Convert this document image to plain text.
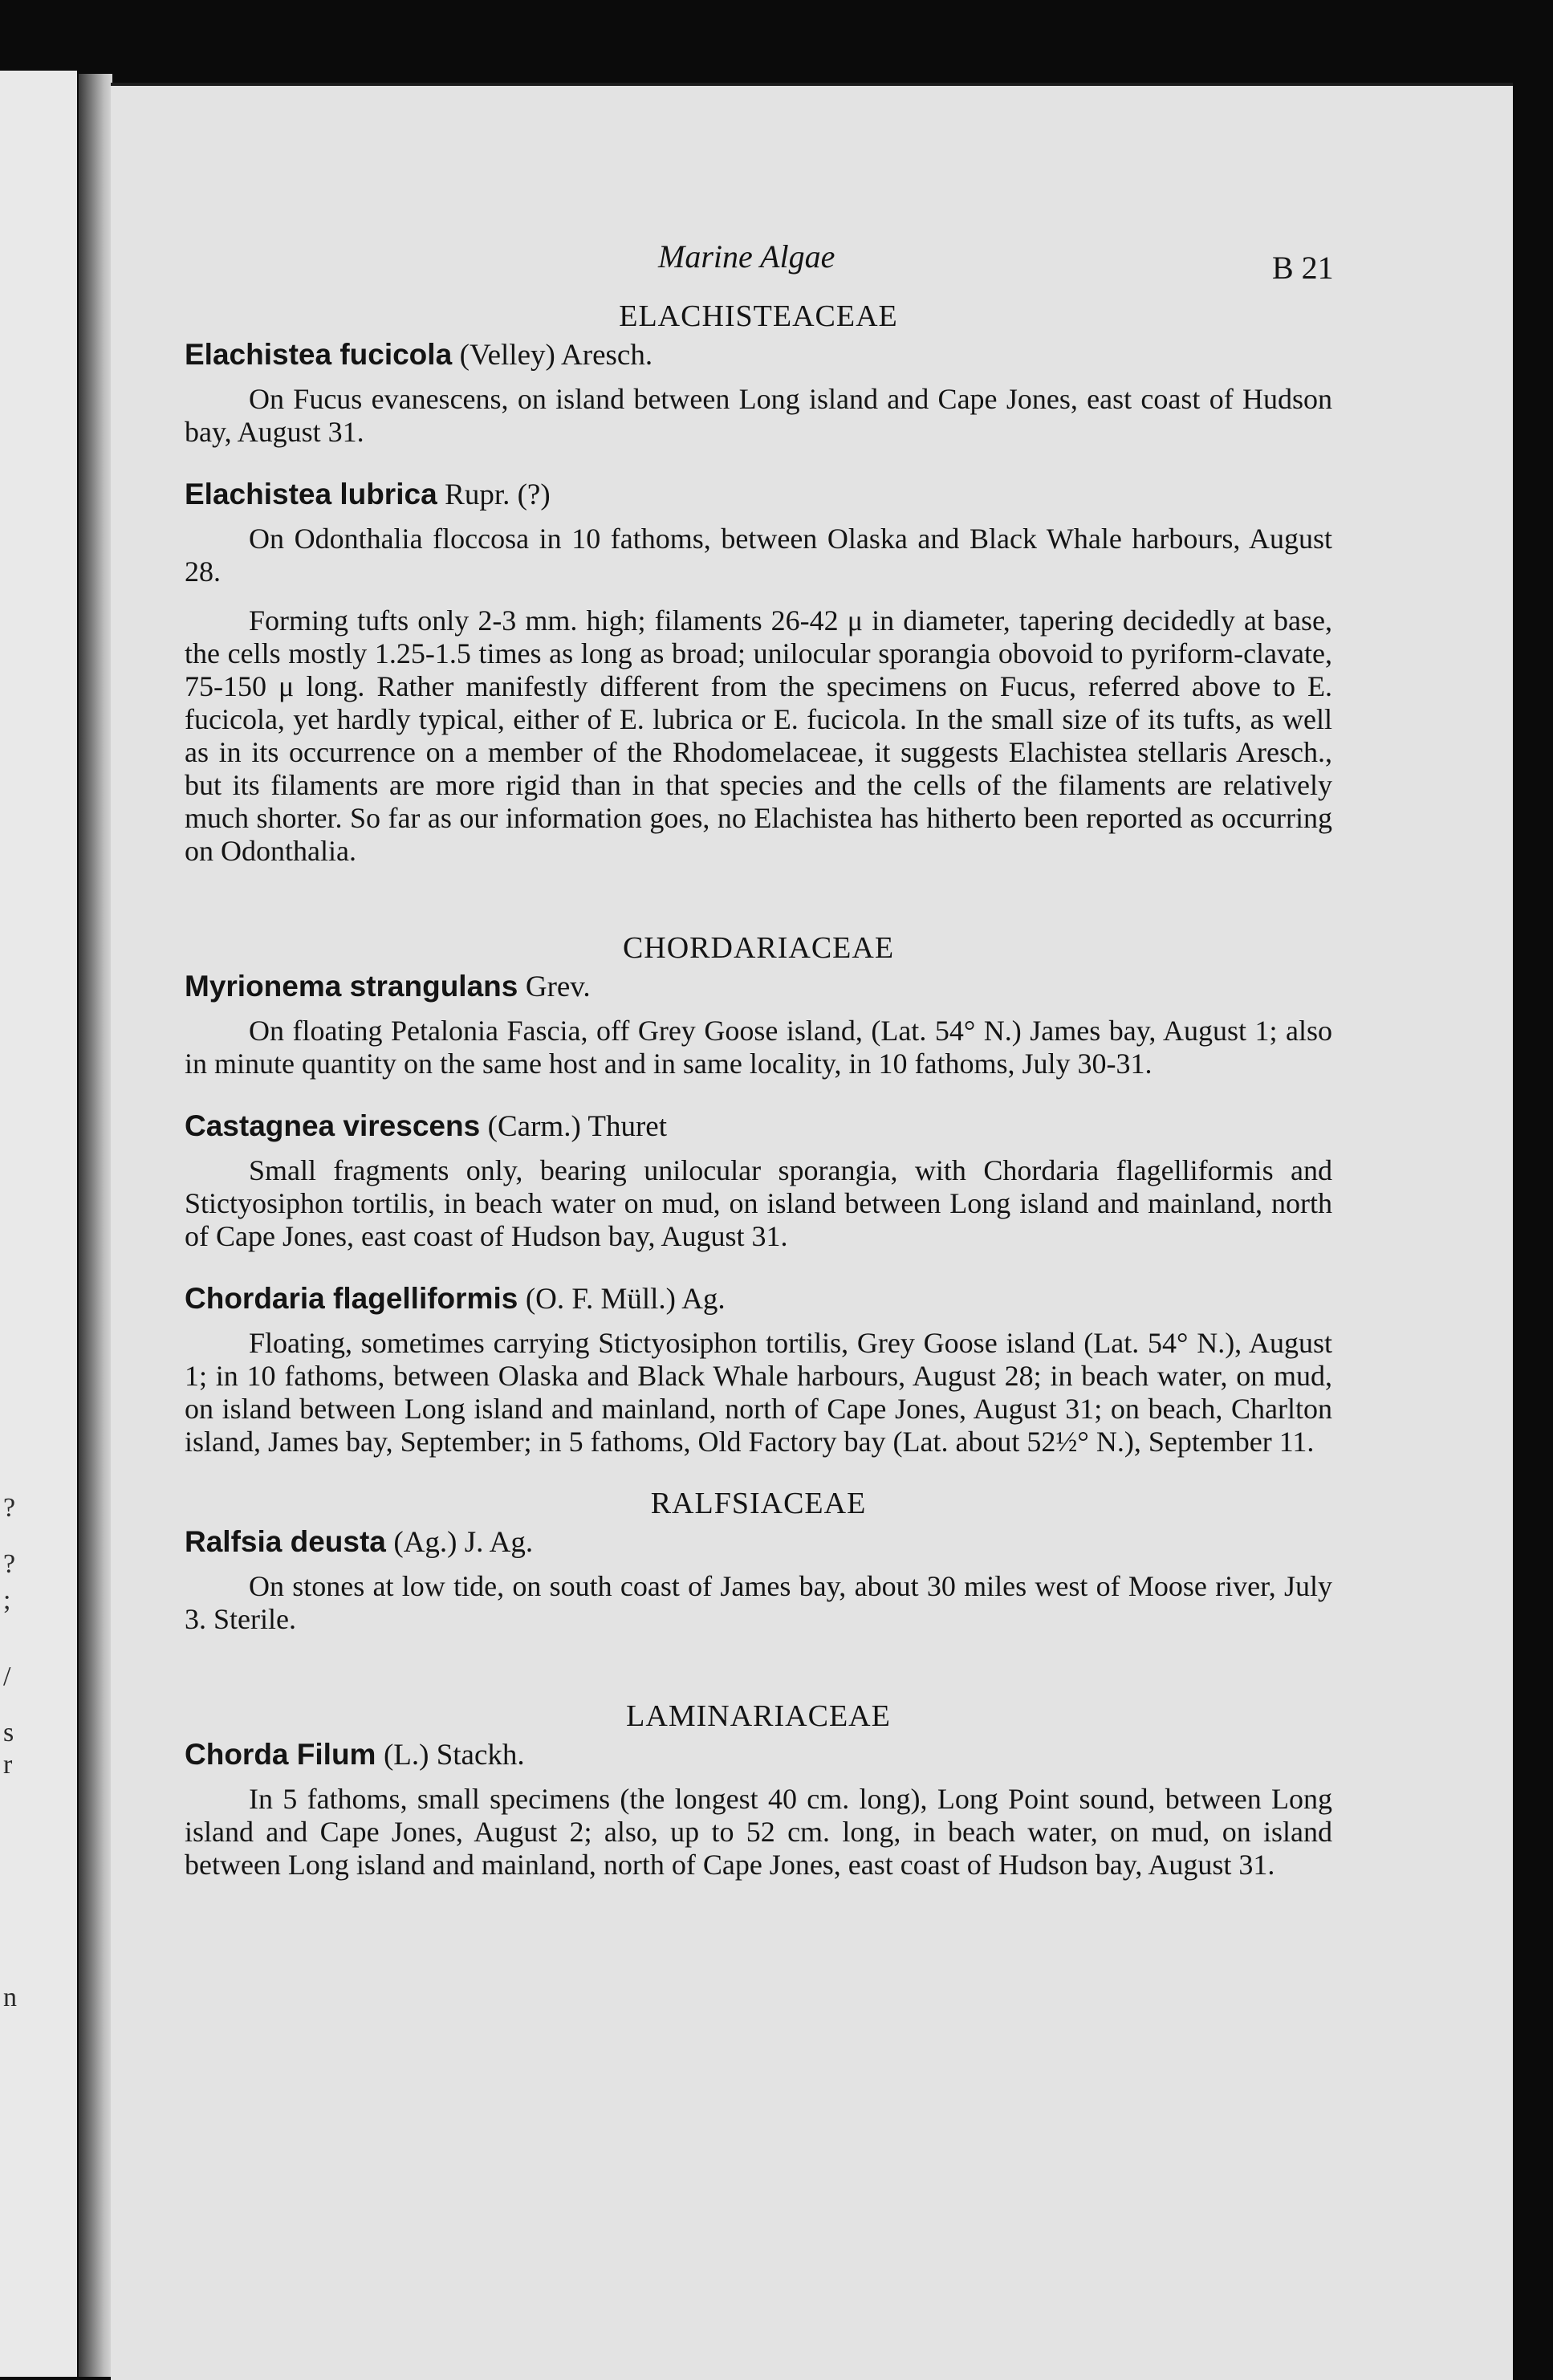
?
?
;
/
s
r
n
Marine Algae	B 21
ELACHISTEACEAE
Elachistea fucicola (Velley) Aresch.

On Fucus evanescens, on island between Long island and Cape Jones, east coast of Hudson bay, August 31.

Elachistea lubrica Rupr. (?)

On Odonthalia floccosa in 10 fathoms, between Olaska and Black Whale harbours, August 28.

Forming tufts only 2-3 mm. high; filaments 26-42 μ in diameter, tapering decidedly at base, the cells mostly 1.25-1.5 times as long as broad; unilocular sporangia obovoid to pyriform-clavate, 75-150 μ long. Rather manifestly different from the specimens on Fucus, referred above to E. fucicola, yet hardly typical, either of E. lubrica or E. fucicola. In the small size of its tufts, as well as in its occurrence on a member of the Rhodomelaceae, it suggests Elachistea stellaris Aresch., but its filaments are more rigid than in that species and the cells of the filaments are relatively much shorter. So far as our information goes, no Elachistea has hitherto been reported as occurring on Odonthalia.

CHORDARIACEAE
Myrionema strangulans Grev.

On floating Petalonia Fascia, off Grey Goose island, (Lat. 54° N.) James bay, August 1; also in minute quantity on the same host and in same locality, in 10 fathoms, July 30-31.

Castagnea virescens (Carm.) Thuret

Small fragments only, bearing unilocular sporangia, with Chordaria flagelliformis and Stictyosiphon tortilis, in beach water on mud, on island between Long island and mainland, north of Cape Jones, east coast of Hudson bay, August 31.

Chordaria flagelliformis (O. F. Müll.) Ag.

Floating, sometimes carrying Stictyosiphon tortilis, Grey Goose island (Lat. 54° N.), August 1; in 10 fathoms, between Olaska and Black Whale harbours, August 28; in beach water, on mud, on island between Long island and mainland, north of Cape Jones, August 31; on beach, Charlton island, James bay, September; in 5 fathoms, Old Factory bay (Lat. about 52½° N.), September 11.

RALFSIACEAE
Ralfsia deusta (Ag.) J. Ag.

On stones at low tide, on south coast of James bay, about 30 miles west of Moose river, July 3. Sterile.

LAMINARIACEAE
Chorda Filum (L.) Stackh.

In 5 fathoms, small specimens (the longest 40 cm. long), Long Point sound, between Long island and Cape Jones, August 2; also, up to 52 cm. long, in beach water, on mud, on island between Long island and mainland, north of Cape Jones, east coast of Hudson bay, August 31.
